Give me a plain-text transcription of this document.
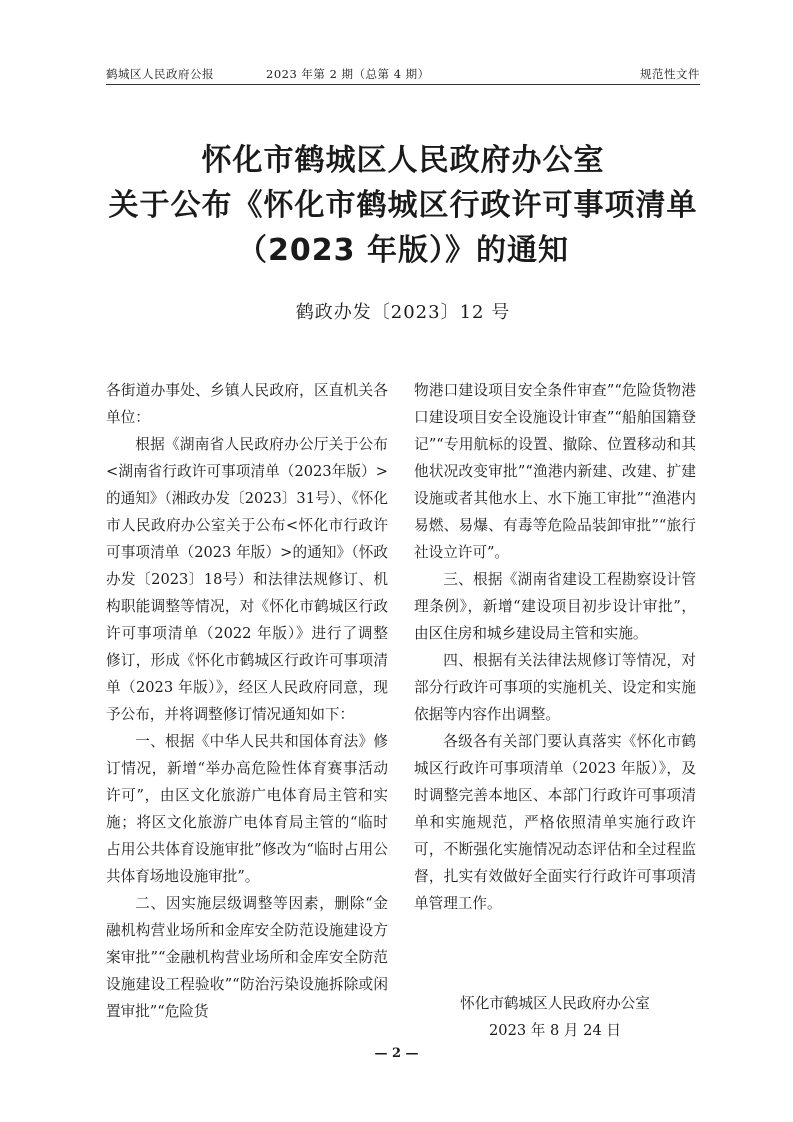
鹤城区人民政府公报	2023 年第 2 期（总第 4 期）	规范性文件
怀化市鹤城区人民政府办公室
关于公布《怀化市鹤城区行政许可事项清单
（2023 年版）》的通知
鹤政办发〔2023〕12 号

各街道办事处、乡镇人民政府，区直机关各单位：

根据《湖南省人民政府办公厅关于公布<湖南省行政许可事项清单（2023年版）>的通知》（湘政办发〔2023〕31号）、《怀化市人民政府办公室关于公布<怀化市行政许可事项清单（2023 年版）>的通知》（怀政办发〔2023〕18号）和法律法规修订、机构职能调整等情况，对《怀化市鹤城区行政许可事项清单（2022 年版）》进行了调整修订，形成《怀化市鹤城区行政许可事项清单（2023 年版）》，经区人民政府同意，现予公布，并将调整修订情况通知如下：

一、根据《中华人民共和国体育法》修订情况，新增“举办高危险性体育赛事活动许可”，由区文化旅游广电体育局主管和实施；将区文化旅游广电体育局主管的“临时占用公共体育设施审批”修改为“临时占用公共体育场地设施审批”。

二、因实施层级调整等因素，删除“金融机构营业场所和金库安全防范设施建设方案审批”“金融机构营业场所和金库安全防范设施建设工程验收”“防治污染设施拆除或闲置审批”“危险货

物港口建设项目安全条件审查”“危险货物港口建设项目安全设施设计审查”“船舶国籍登记”“专用航标的设置、撤除、位置移动和其他状况改变审批”“渔港内新建、改建、扩建设施或者其他水上、水下施工审批”“渔港内易燃、易爆、有毒等危险品装卸审批”“旅行社设立许可”。

三、根据《湖南省建设工程勘察设计管理条例》，新增“建设项目初步设计审批”，由区住房和城乡建设局主管和实施。

四、根据有关法律法规修订等情况，对部分行政许可事项的实施机关、设定和实施依据等内容作出调整。

各级各有关部门要认真落实《怀化市鹤城区行政许可事项清单（2023 年版）》，及时调整完善本地区、本部门行政许可事项清单和实施规范，严格依照清单实施行政许可，不断强化实施情况动态评估和全过程监督，扎实有效做好全面实行行政许可事项清单管理工作。

怀化市鹤城区人民政府办公室
2023 年 8 月 24 日
— 2 —
